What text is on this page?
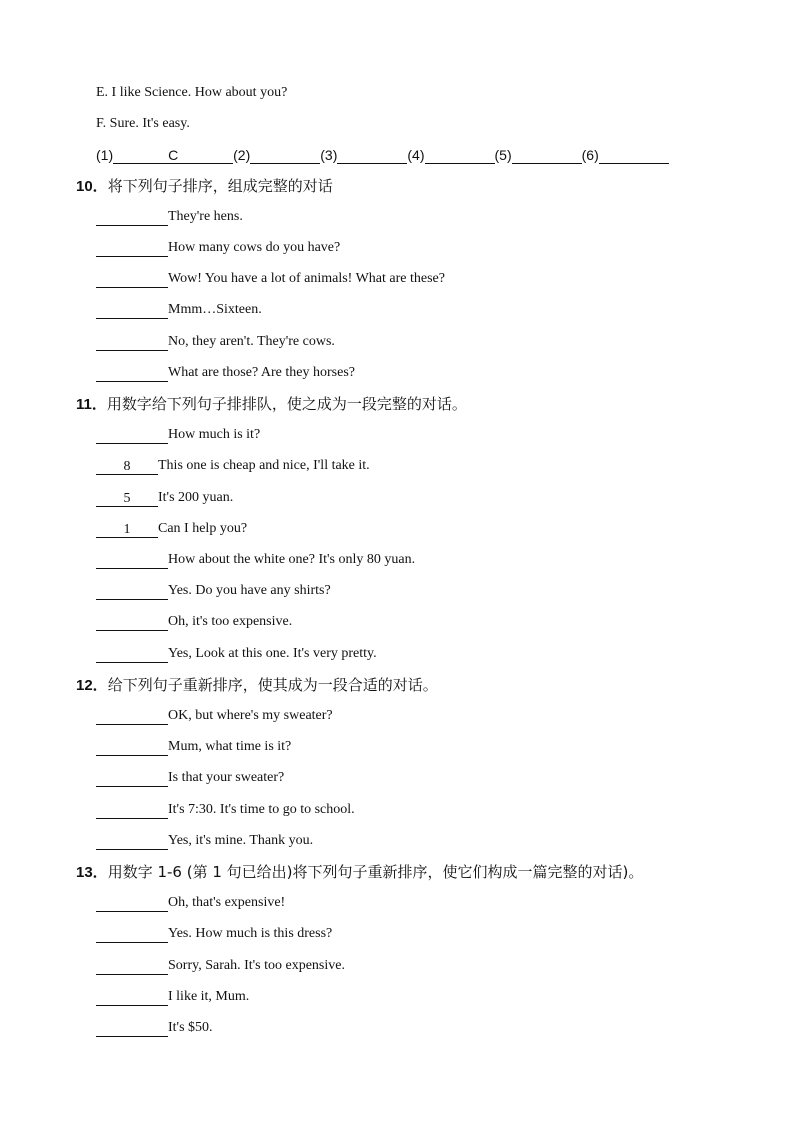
E. I like Science. How about you?
F. Sure. It's easy.
(1)	C	(2)	(3)	(4)	(5)	(6)
10．将下列句子排序，组成完整的对话
They're hens.
How many cows do you have?
Wow! You have a lot of animals! What are these?
Mmm…Sixteen.
No, they aren't. They're cows.
What are those? Are they horses?
11．用数字给下列句子排排队，使之成为一段完整的对话。
How much is it?
8 This one is cheap and nice, I'll take it.
5 It's 200 yuan.
1 Can I help you?
How about the white one? It's only 80 yuan.
Yes. Do you have any shirts?
Oh, it's too expensive.
Yes, Look at this one. It's very pretty.
12．给下列句子重新排序，使其成为一段合适的对话。
OK, but where's my sweater?
Mum, what time is it?
Is that your sweater?
It's 7:30. It's time to go to school.
Yes, it's mine. Thank you.
13．用数字 1-6 (第 1 句已给出)将下列句子重新排序，使它们构成一篇完整的对话)。
Oh, that's expensive!
Yes. How much is this dress?
Sorry, Sarah. It's too expensive.
I like it, Mum.
It's $50.
